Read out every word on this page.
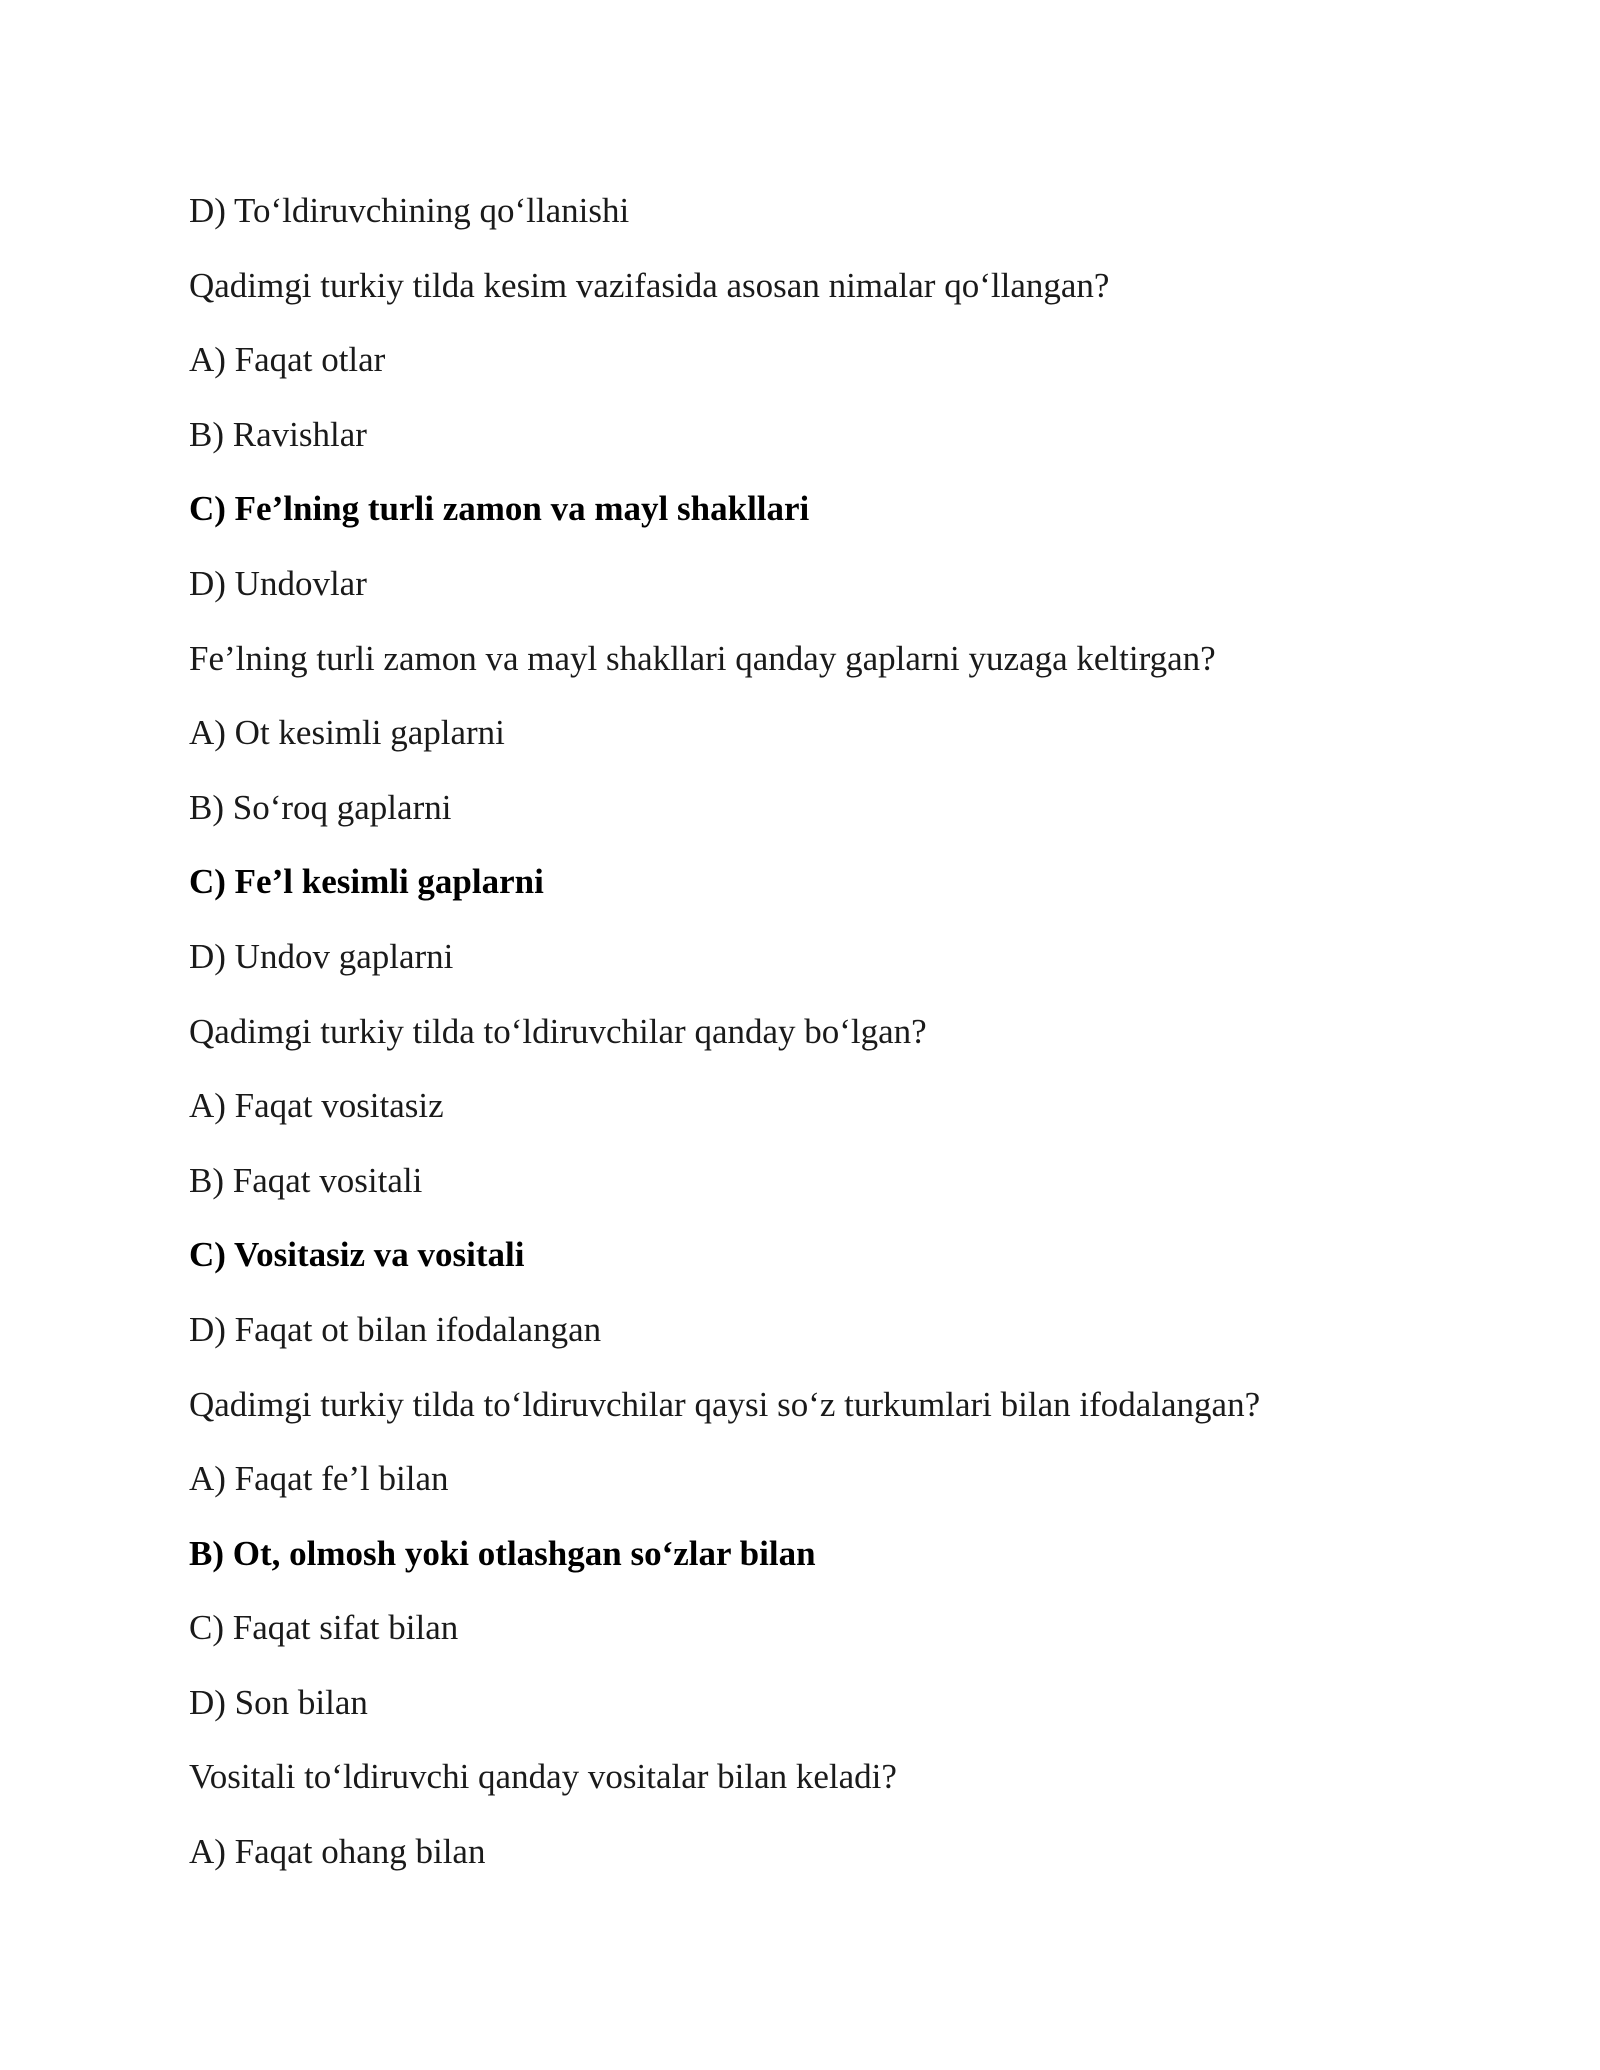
D) To‘ldiruvchining qo‘llanishi
Qadimgi turkiy tilda kesim vazifasida asosan nimalar qo‘llangan?
A) Faqat otlar
B) Ravishlar
C) Fe’lning turli zamon va mayl shakllari
D) Undovlar
Fe’lning turli zamon va mayl shakllari qanday gaplarni yuzaga keltirgan?
A) Ot kesimli gaplarni
B) So‘roq gaplarni
C) Fe’l kesimli gaplarni
D) Undov gaplarni
Qadimgi turkiy tilda to‘ldiruvchilar qanday bo‘lgan?
A) Faqat vositasiz
B) Faqat vositali
C) Vositasiz va vositali
D) Faqat ot bilan ifodalangan
Qadimgi turkiy tilda to‘ldiruvchilar qaysi so‘z turkumlari bilan ifodalangan?
A) Faqat fe’l bilan
B) Ot, olmosh yoki otlashgan so‘zlar bilan
C) Faqat sifat bilan
D) Son bilan
Vositali to‘ldiruvchi qanday vositalar bilan keladi?
A) Faqat ohang bilan
